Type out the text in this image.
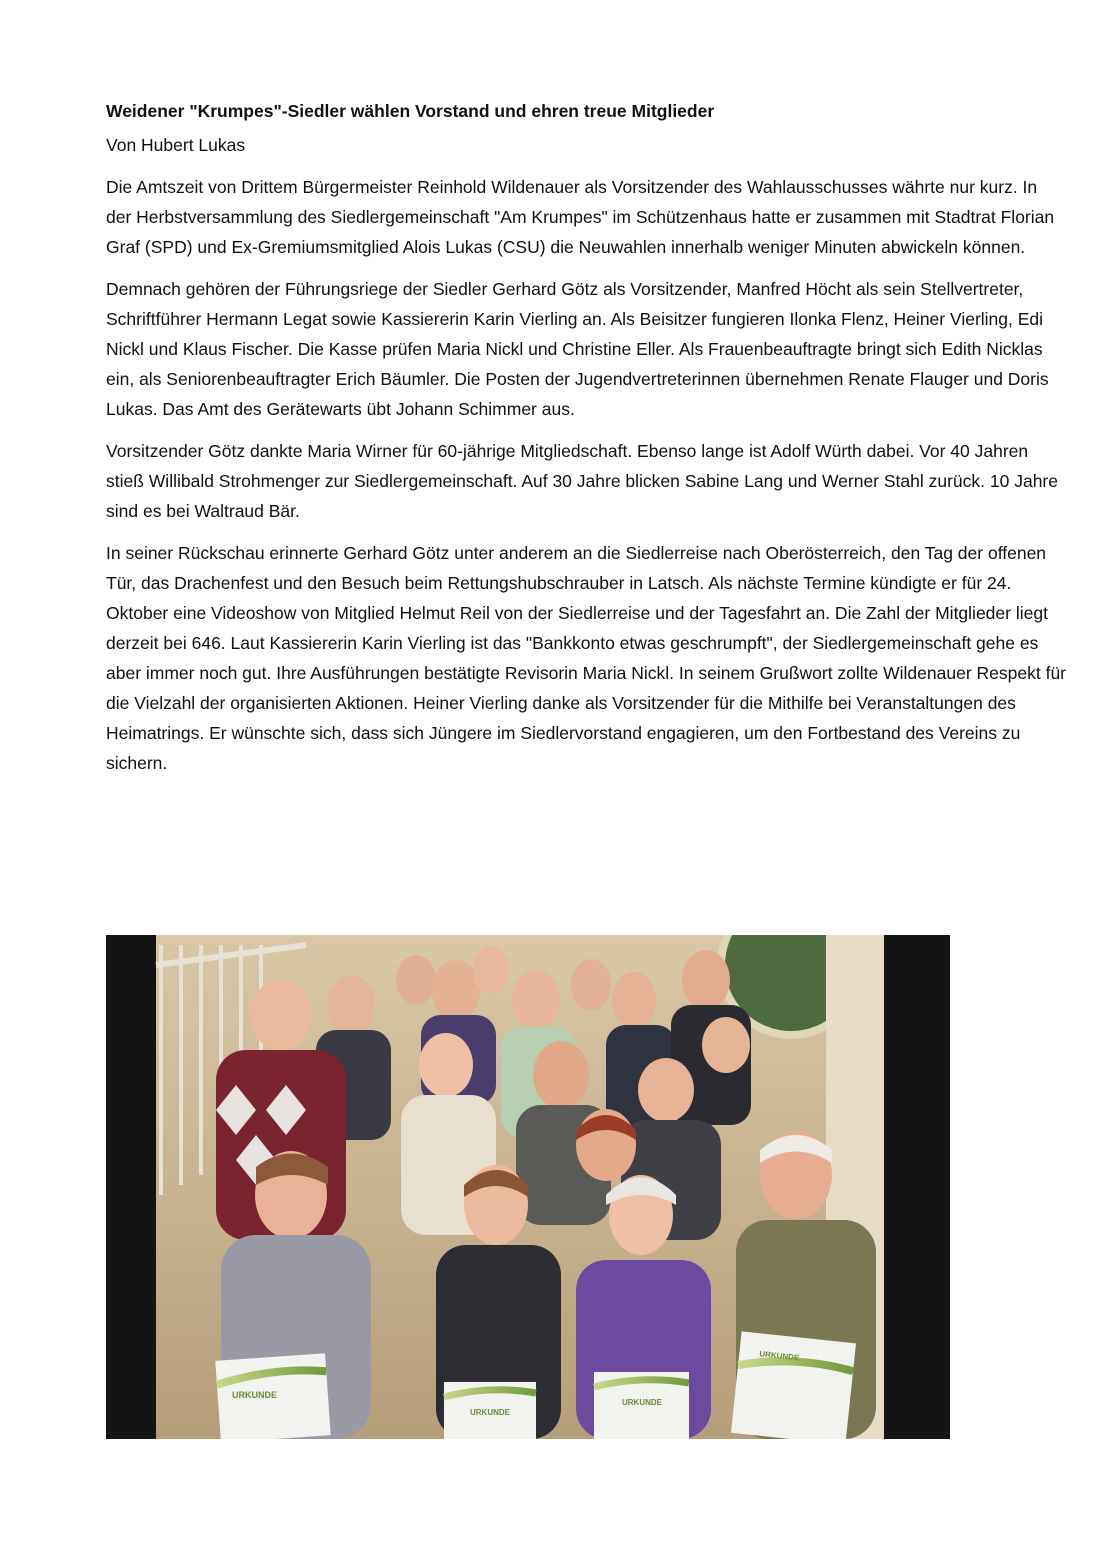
Weidener "Krumpes"-Siedler wählen Vorstand und ehren treue Mitglieder
Von Hubert Lukas

Die Amtszeit von Drittem Bürgermeister Reinhold Wildenauer als Vorsitzender des Wahlausschusses währte nur kurz. In der Herbstversammlung des Siedlergemeinschaft "Am Krumpes" im Schützenhaus hatte er zusammen mit Stadtrat Florian Graf (SPD) und Ex-Gremiumsmitglied Alois Lukas (CSU) die Neuwahlen innerhalb weniger Minuten abwickeln können.

Demnach gehören der Führungsriege der Siedler Gerhard Götz als Vorsitzender, Manfred Höcht als sein Stellvertreter, Schriftführer Hermann Legat sowie Kassiererin Karin Vierling an. Als Beisitzer fungieren Ilonka Flenz, Heiner Vierling, Edi Nickl und Klaus Fischer. Die Kasse prüfen Maria Nickl und Christine Eller. Als Frauenbeauftragte bringt sich Edith Nicklas ein, als Seniorenbeauftragter Erich Bäumler. Die Posten der Jugendvertreterinnen übernehmen Renate Flauger und Doris Lukas. Das Amt des Gerätewarts übt Johann Schimmer aus.

Vorsitzender Götz dankte Maria Wirner für 60-jährige Mitgliedschaft. Ebenso lange ist Adolf Würth dabei. Vor 40 Jahren stieß Willibald Strohmenger zur Siedlergemeinschaft. Auf 30 Jahre blicken Sabine Lang und Werner Stahl zurück. 10 Jahre sind es bei Waltraud Bär.

In seiner Rückschau erinnerte Gerhard Götz unter anderem an die Siedlerreise nach Oberösterreich, den Tag der offenen Tür, das Drachenfest und den Besuch beim Rettungshubschrauber in Latsch. Als nächste Termine kündigte er für 24. Oktober eine Videoshow von Mitglied Helmut Reil von der Siedlerreise und der Tagesfahrt an. Die Zahl der Mitglieder liegt derzeit bei 646. Laut Kassiererin Karin Vierling ist das "Bankkonto etwas geschrumpft", der Siedlergemeinschaft gehe es aber immer noch gut. Ihre Ausführungen bestätigte Revisorin Maria Nickl. In seinem Grußwort zollte Wildenauer Respekt für die Vielzahl der organisierten Aktionen. Heiner Vierling danke als Vorsitzender für die Mithilfe bei Veranstaltungen des Heimatrings. Er wünschte sich, dass sich Jüngere im Siedlervorstand engagieren, um den Fortbestand des Vereins zu sichern.

URKUNDE
URKUNDE
URKUNDE
URKUNDE
